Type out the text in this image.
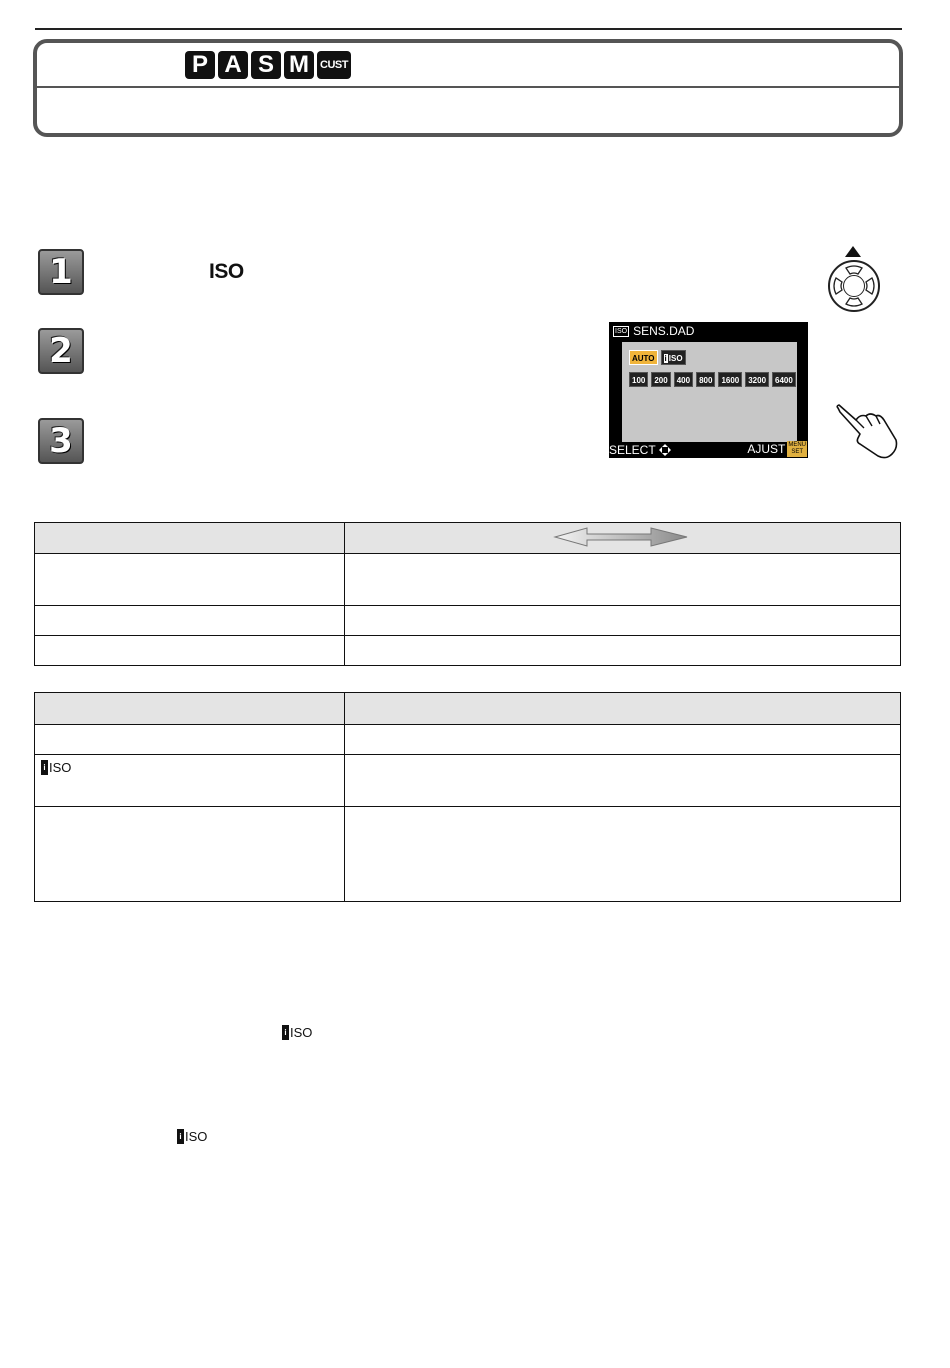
P A S M	CUST
1	ISO
2
3
ISO SENS.DAD
AUTO	i ISO
100	200	400	800	1600	3200	6400
SELECT	AJUST MENU
SET

i ISO	

i ISO
i ISO
